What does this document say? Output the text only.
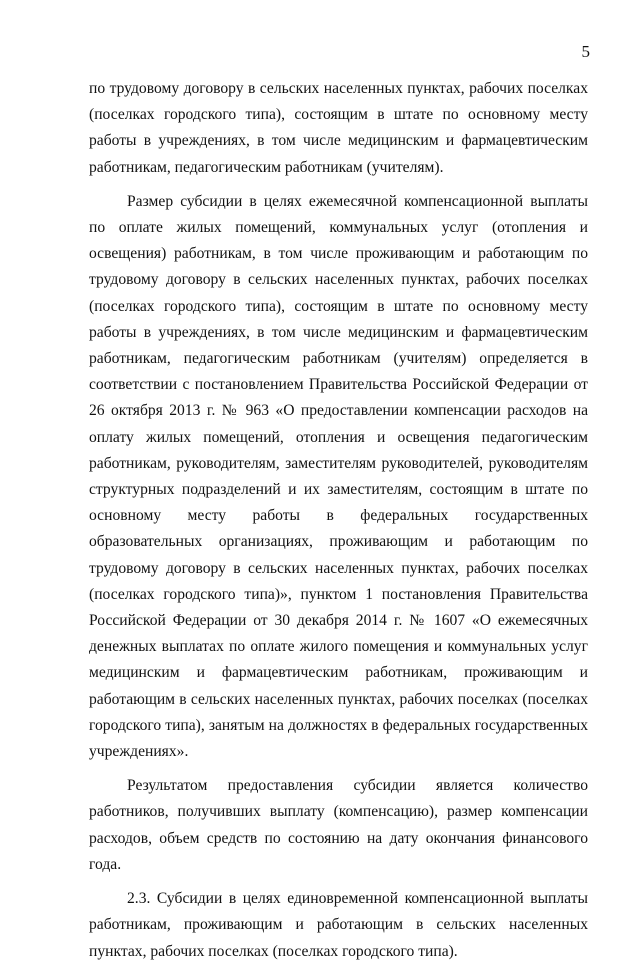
5

по трудовому договору в сельских населенных пунктах, рабочих поселках (поселках городского типа), состоящим в штате по основному месту работы в учреждениях, в том числе медицинским и фармацевтическим работникам, педагогическим работникам (учителям).

Размер субсидии в целях ежемесячной компенсационной выплаты по оплате жилых помещений, коммунальных услуг (отопления и освещения) работникам, в том числе проживающим и работающим по трудовому договору в сельских населенных пунктах, рабочих поселках (поселках городского типа), состоящим в штате по основному месту работы в учреждениях, в том числе медицинским и фармацевтическим работникам, педагогическим работникам (учителям) определяется в соответствии с постановлением Правительства Российской Федерации от 26 октября 2013 г. № 963 «О предоставлении компенсации расходов на оплату жилых помещений, отопления и освещения педагогическим работникам, руководителям, заместителям руководителей, руководителям структурных подразделений и их заместителям, состоящим в штате по основному месту работы в федеральных государственных образовательных организациях, проживающим и работающим по трудовому договору в сельских населенных пунктах, рабочих поселках (поселках городского типа)», пунктом 1 постановления Правительства Российской Федерации от 30 декабря 2014 г. № 1607 «О ежемесячных денежных выплатах по оплате жилого помещения и коммунальных услуг медицинским и фармацевтическим работникам, проживающим и работающим в сельских населенных пунктах, рабочих поселках (поселках городского типа), занятым на должностях в федеральных государственных учреждениях».

Результатом предоставления субсидии является количество работников, получивших выплату (компенсацию), размер компенсации расходов, объем средств по состоянию на дату окончания финансового года.

2.3. Субсидии в целях единовременной компенсационной выплаты работникам, проживающим и работающим в сельских населенных пунктах, рабочих поселках (поселках городского типа).
